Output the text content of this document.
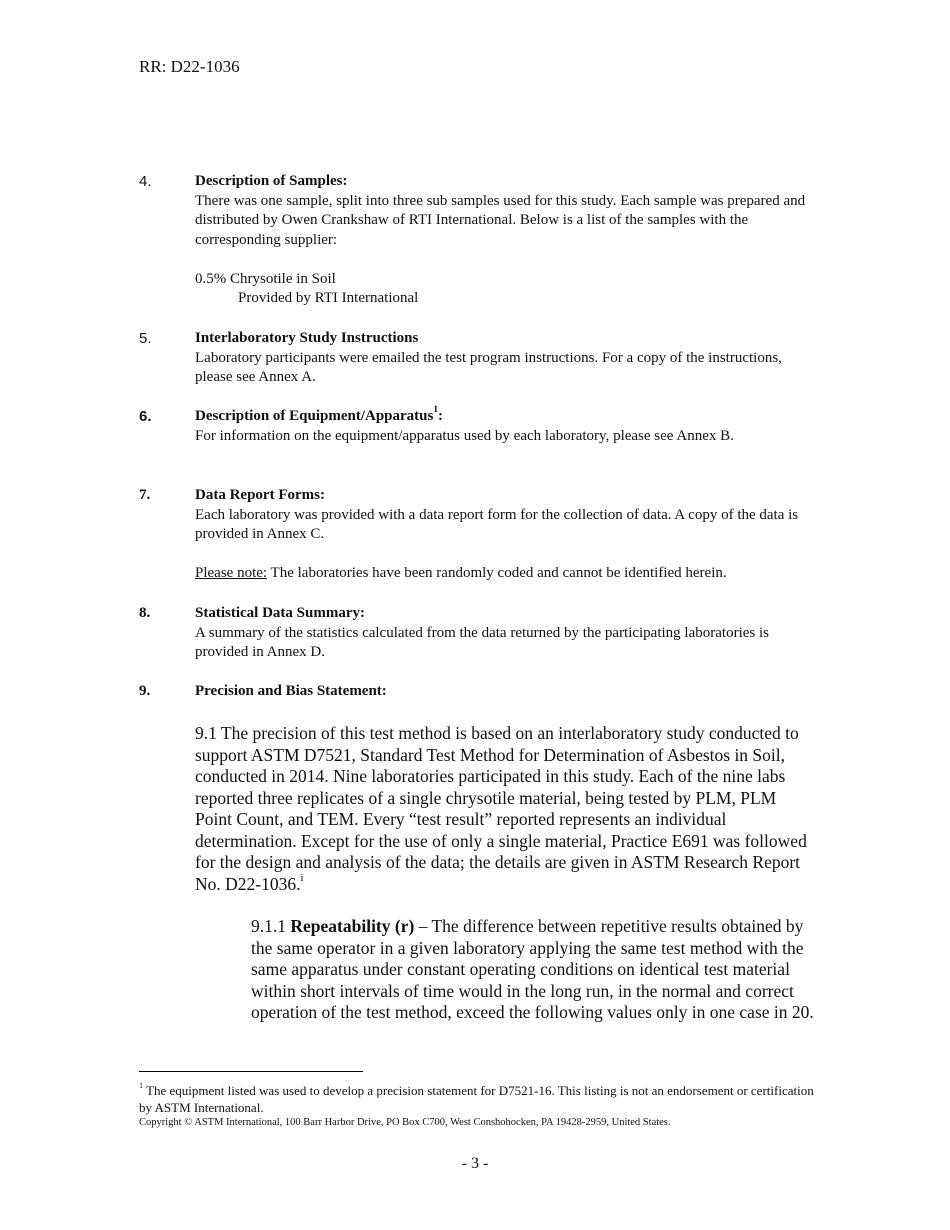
RR: D22-1036
4.	Description of Samples:
There was one sample, split into three sub samples used for this study. Each sample was prepared and distributed by Owen Crankshaw of RTI International. Below is a list of the samples with the corresponding supplier:
0.5% Chrysotile in Soil
Provided by RTI International
5.	Interlaboratory Study Instructions
Laboratory participants were emailed the test program instructions. For a copy of the instructions, please see Annex A.
6.	Description of Equipment/Apparatus$^1$:
For information on the equipment/apparatus used by each laboratory, please see Annex B.
7.	Data Report Forms:
Each laboratory was provided with a data report form for the collection of data. A copy of the data is provided in Annex C.
Please note: The laboratories have been randomly coded and cannot be identified herein.
8.	Statistical Data Summary:
A summary of the statistics calculated from the data returned by the participating laboratories is provided in Annex D.
9.	Precision and Bias Statement:
9.1 The precision of this test method is based on an interlaboratory study conducted to support ASTM D7521, Standard Test Method for Determination of Asbestos in Soil, conducted in 2014. Nine laboratories participated in this study. Each of the nine labs reported three replicates of a single chrysotile material, being tested by PLM, PLM Point Count, and TEM. Every “test result” reported represents an individual determination. Except for the use of only a single material, Practice E691 was followed for the design and analysis of the data; the details are given in ASTM Research Report No. D22-1036.$^i$
9.1.1 Repeatability (r) – The difference between repetitive results obtained by the same operator in a given laboratory applying the same test method with the same apparatus under constant operating conditions on identical test material within short intervals of time would in the long run, in the normal and correct operation of the test method, exceed the following values only in one case in 20.
$^1$ The equipment listed was used to develop a precision statement for D7521-16. This listing is not an endorsement or certification by ASTM International.
Copyright © ASTM International, 100 Barr Harbor Drive, PO Box C700, West Conshohocken, PA 19428-2959, United States.
- 3 -
